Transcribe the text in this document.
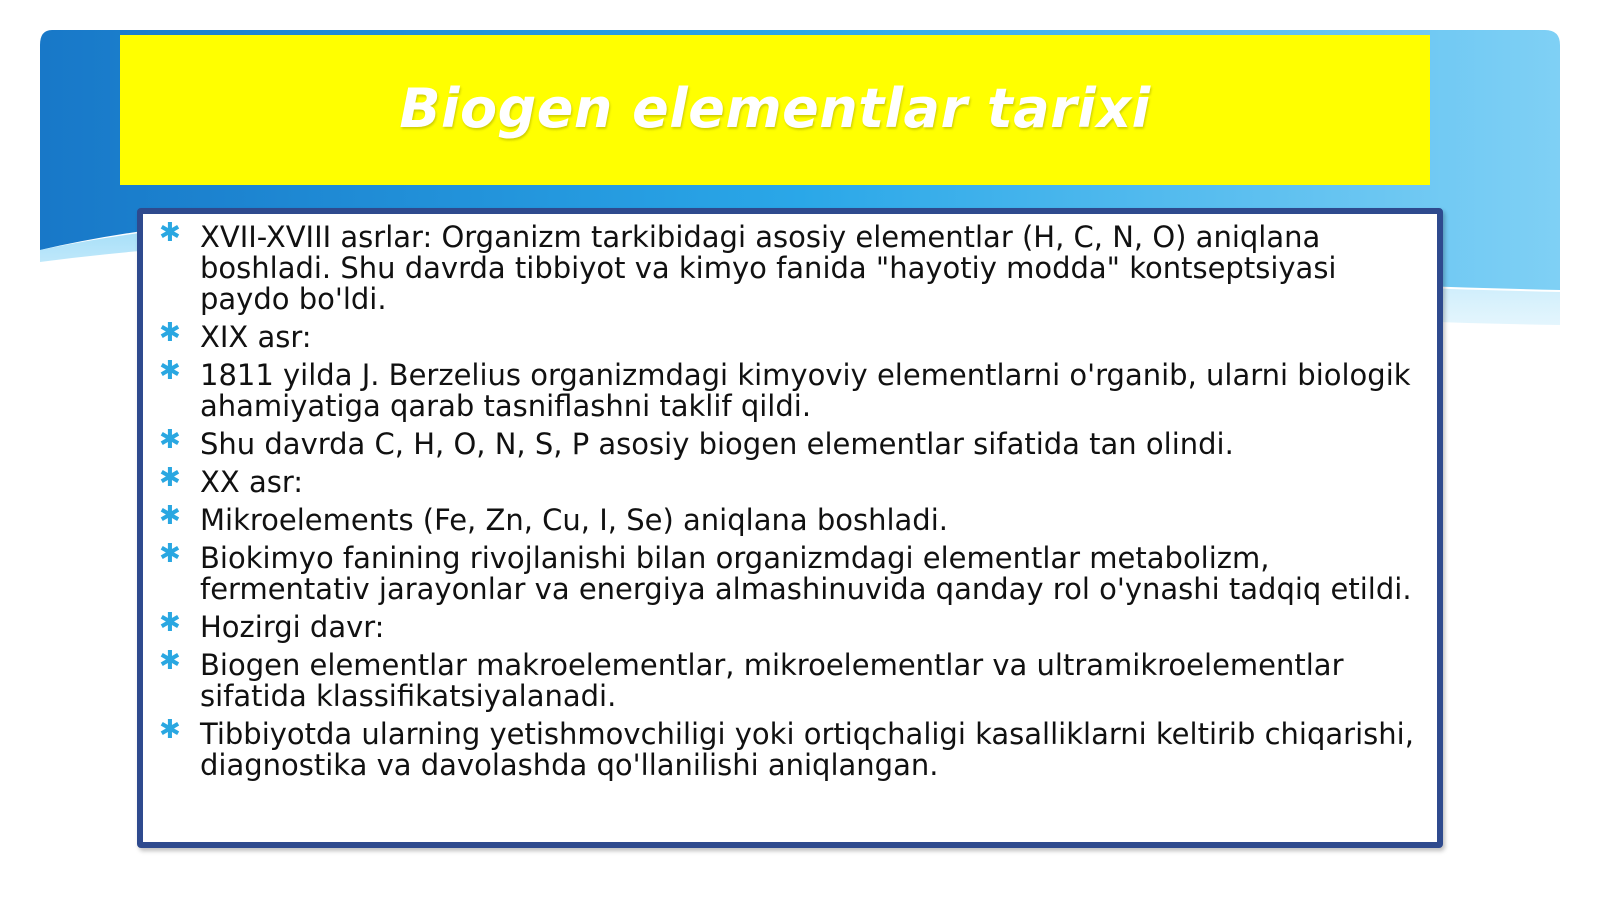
Biogen elementlar tarixi
✱ XVII-XVIII asrlar: Organizm tarkibidagi asosiy elementlar (H, C, N, O) aniqlana boshladi. Shu davrda tibbiyot va kimyo fanida "hayotiy modda" kontseptsiyasi paydo bo'ldi.
✱ XIX asr:
✱ 1811 yilda J. Berzelius organizmdagi kimyoviy elementlarni o'rganib, ularni biologik ahamiyatiga qarab tasniflashni taklif qildi.
✱ Shu davrda C, H, O, N, S, P asosiy biogen elementlar sifatida tan olindi.
✱ XX asr:
✱ Mikroelements (Fe, Zn, Cu, I, Se) aniqlana boshladi.
✱ Biokimyo fanining rivojlanishi bilan organizmdagi elementlar metabolizm, fermentativ jarayonlar va energiya almashinuvida qanday rol o'ynashi tadqiq etildi.
✱ Hozirgi davr:
✱ Biogen elementlar makroelementlar, mikroelementlar va ultramikroelementlar sifatida klassifikatsiyalanadi.
✱ Tibbiyotda ularning yetishmovchiligi yoki ortiqchaligi kasalliklarni keltirib chiqarishi, diagnostika va davolashda qo'llanilishi aniqlangan.
